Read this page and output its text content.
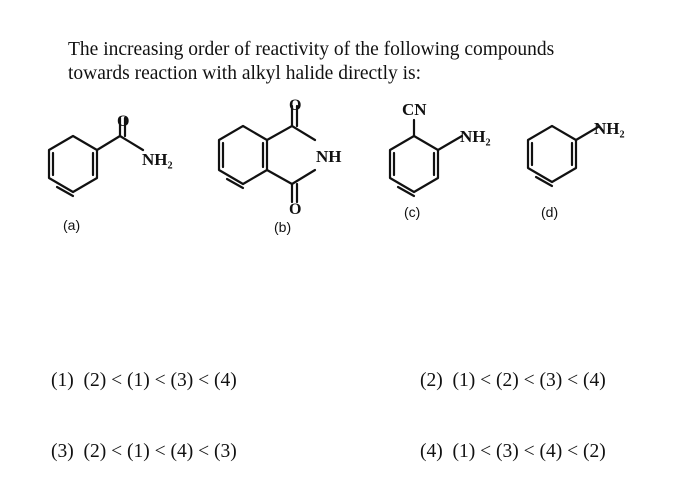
The increasing order of reactivity of the following compounds
towards reaction with alkyl halide directly is:
O
NH₂
(a)
O
O
NH
(b)
CN
NH₂
(c)
NH₂
(d)
(1) (2) < (1) < (3) < (4)	(2) (1) < (2) < (3) < (4)
(3) (2) < (1) < (4) < (3)	(4) (1) < (3) < (4) < (2)
